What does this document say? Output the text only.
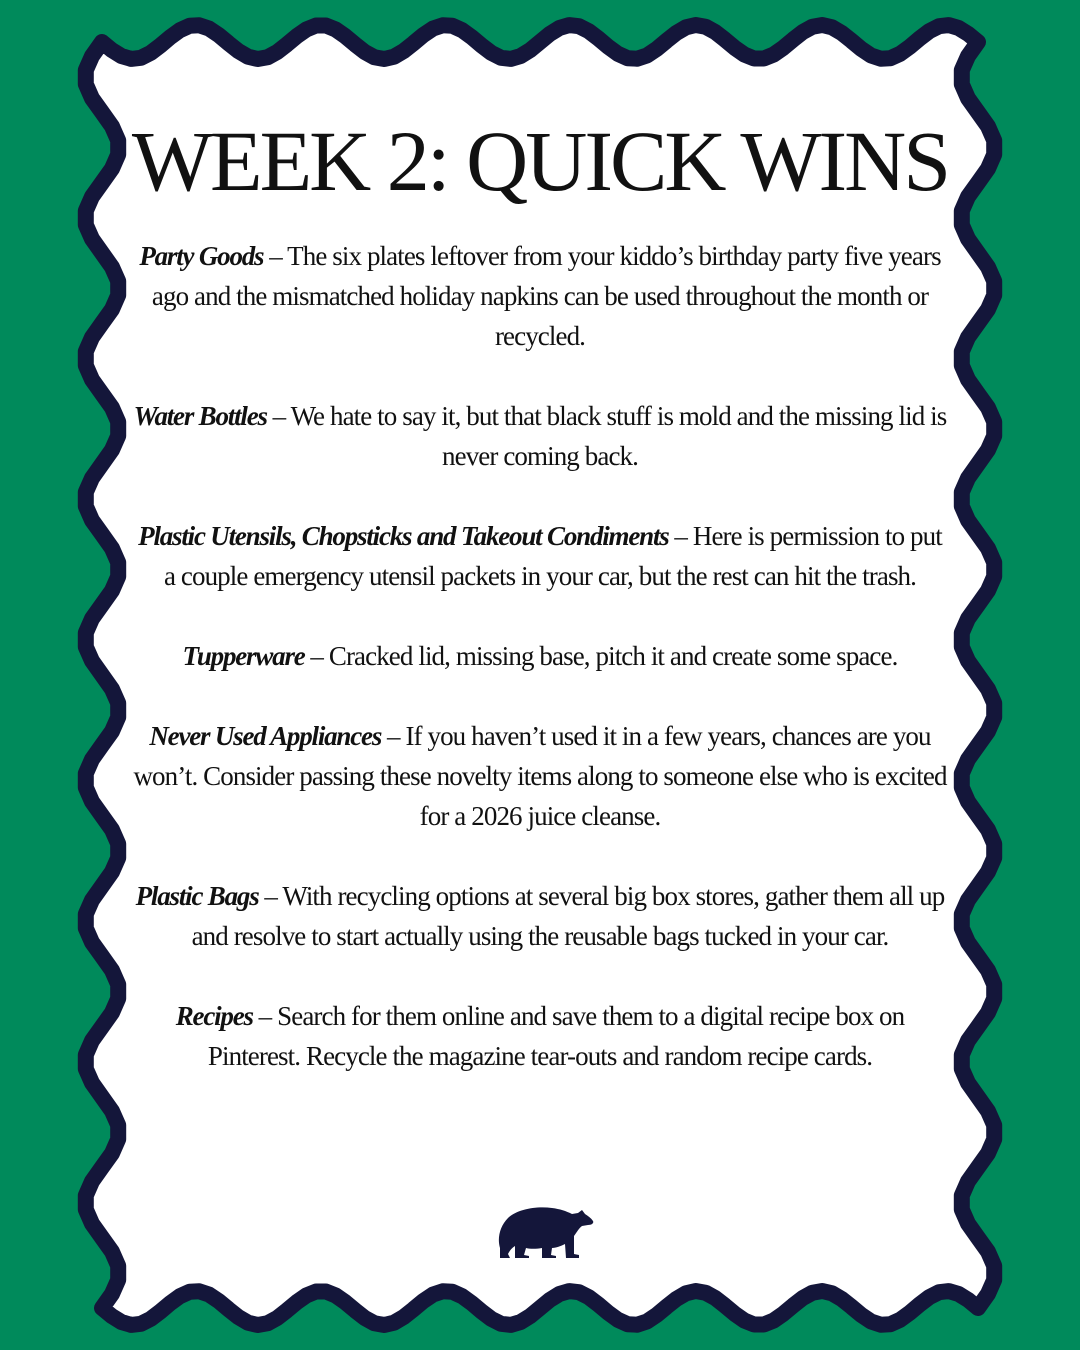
WEEK 2: QUICK WINS

Party Goods – The six plates leftover from your kiddo’s birthday party five years ago and the mismatched holiday napkins can be used throughout the month or recycled.

Water Bottles – We hate to say it, but that black stuff is mold and the missing lid is never coming back.

Plastic Utensils, Chopsticks and Takeout Condiments – Here is permission to put a couple emergency utensil packets in your car, but the rest can hit the trash.

Tupperware – Cracked lid, missing base, pitch it and create some space.

Never Used Appliances – If you haven’t used it in a few years, chances are you won’t. Consider passing these novelty items along to someone else who is excited for a 2026 juice cleanse.

Plastic Bags – With recycling options at several big box stores, gather them all up and resolve to start actually using the reusable bags tucked in your car.

Recipes – Search for them online and save them to a digital recipe box on Pinterest. Recycle the magazine tear-outs and random recipe cards.
